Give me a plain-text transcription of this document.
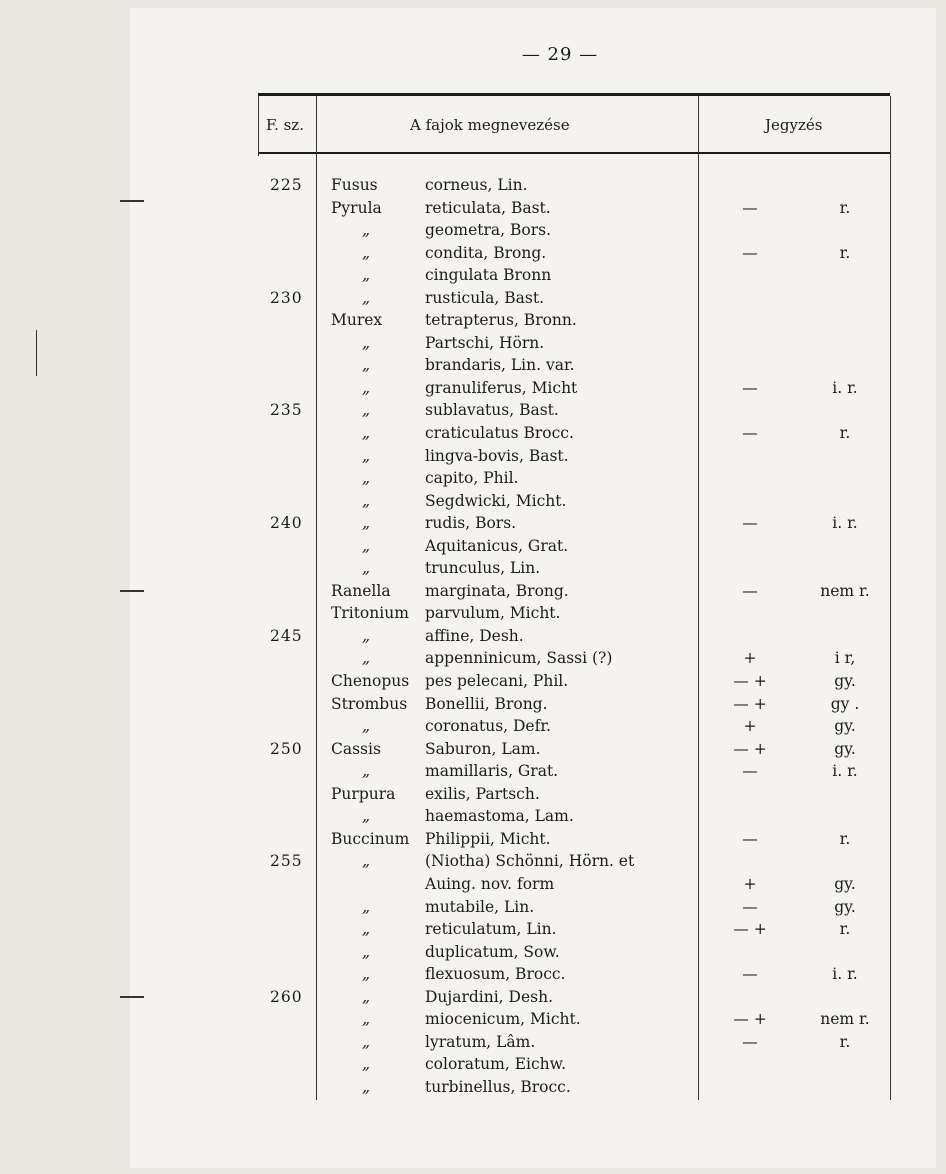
— 29 —
F. sz.	A fajok megnevezése	Jegyzés
225	Fusus	corneus, Lin.
Pyrula	reticulata, Bast.	—	r.
„	geometra, Bors.
„	condita, Brong.	—	r.
„	cingulata Bronn
230	„	rusticula, Bast.
Murex	tetrapterus, Bronn.
„	Partschi, Hörn.
„	brandaris, Lin. var.
„	granuliferus, Micht	—	i. r.
235	„	sublavatus, Bast.
„	craticulatus Brocc.	—	r.
„	lingva-bovis, Bast.
„	capito, Phil.
„	Segdwicki, Micht.
240	„	rudis, Bors.	—	i. r.
„	Aquitanicus, Grat.
„	trunculus, Lin.
Ranella marginata, Brong.	—	nem r.
Tritonium parvulum, Micht.
245	„	affine, Desh.
„	appenninicum, Sassi (?)	+	i r,
Chenopus pes pelecani, Phil.	— +	gy.
Strombus Bonellii, Brong.	— +	gy .
„	coronatus, Defr.	+	gy.
250	Cassis	Saburon, Lam.	— +	gy.
„	mamillaris, Grat.	—	i. r.
Purpura exilis, Partsch.
„	haemastoma, Lam.
Buccinum Philippii, Micht.	—	r.
255	„	(Niotha) Schönni, Hörn. et
Auing. nov. form	+	gy.
„	mutabile, Lin.	—	gy.
„	reticulatum, Lin.	— +	r.
„	duplicatum, Sow.
„	flexuosum, Brocc.	—	i. r.
260	„	Dujardini, Desh.
„	miocenicum, Micht.	— +	nem r.
„	lyratum, Lâm.	—	r.
„	coloratum, Eichw.
„	turbinellus, Brocc.
